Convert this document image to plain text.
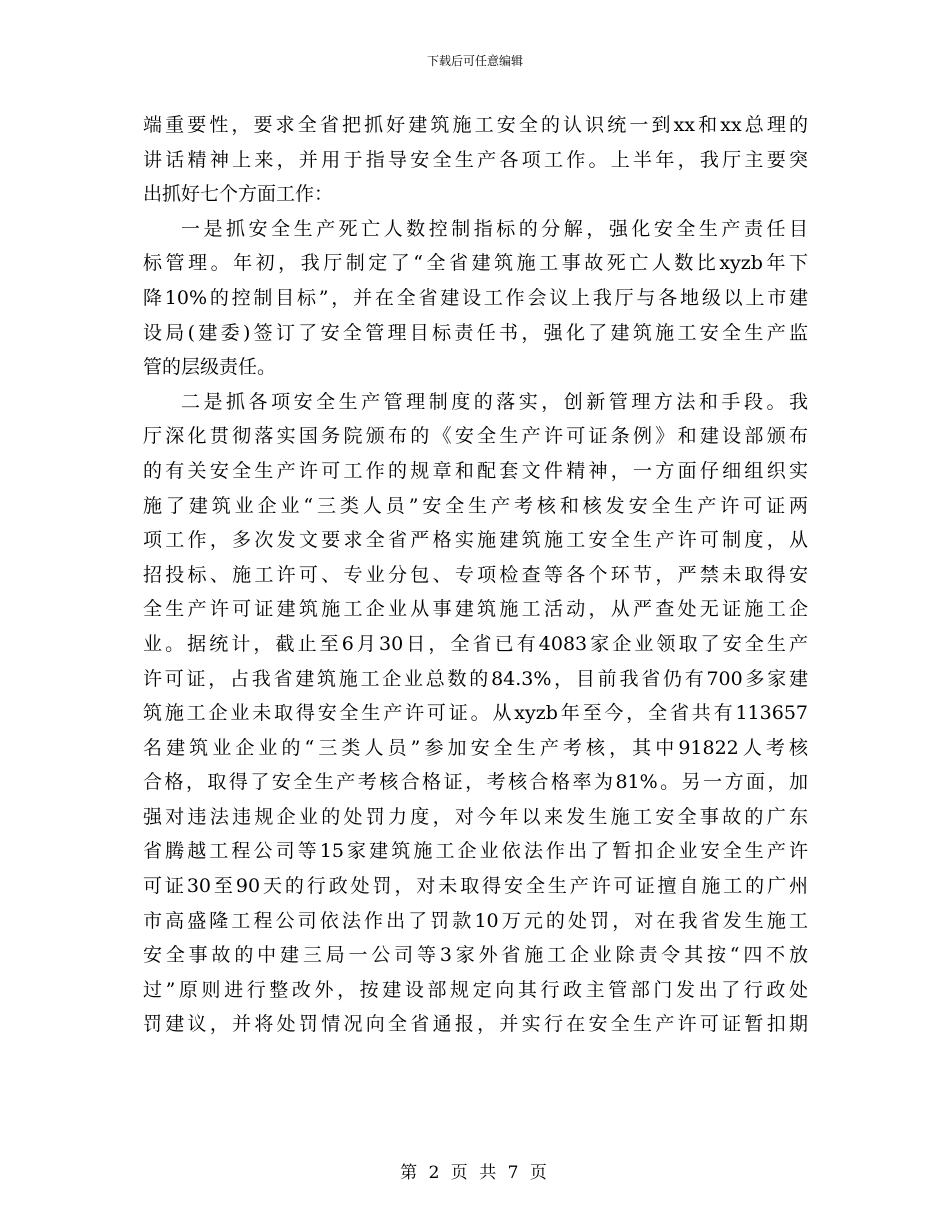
下载后可任意编辑
端重要性，要求全省把抓好建筑施工安全的认识统一到xx和xx总理的
讲话精神上来，并用于指导安全生产各项工作。上半年，我厅主要突
出抓好七个方面工作：
一是抓安全生产死亡人数控制指标的分解，强化安全生产责任目
标管理。年初，我厅制定了“全省建筑施工事故死亡人数比xyzb年下
降10%的控制目标”，并在全省建设工作会议上我厅与各地级以上市建
设局(建委)签订了安全管理目标责任书，强化了建筑施工安全生产监
管的层级责任。
二是抓各项安全生产管理制度的落实，创新管理方法和手段。我
厅深化贯彻落实国务院颁布的《安全生产许可证条例》和建设部颁布
的有关安全生产许可工作的规章和配套文件精神，一方面仔细组织实
施了建筑业企业“三类人员”安全生产考核和核发安全生产许可证两
项工作，多次发文要求全省严格实施建筑施工安全生产许可制度，从
招投标、施工许可、专业分包、专项检查等各个环节，严禁未取得安
全生产许可证建筑施工企业从事建筑施工活动，从严查处无证施工企
业。据统计，截止至6月30日，全省已有4083家企业领取了安全生产
许可证，占我省建筑施工企业总数的84.3%，目前我省仍有700多家建
筑施工企业未取得安全生产许可证。从xyzb年至今，全省共有113657
名建筑业企业的“三类人员”参加安全生产考核，其中91822人考核
合格，取得了安全生产考核合格证，考核合格率为81%。另一方面，加
强对违法违规企业的处罚力度，对今年以来发生施工安全事故的广东
省腾越工程公司等15家建筑施工企业依法作出了暂扣企业安全生产许
可证30至90天的行政处罚，对未取得安全生产许可证擅自施工的广州
市高盛隆工程公司依法作出了罚款10万元的处罚，对在我省发生施工
安全事故的中建三局一公司等3家外省施工企业除责令其按“四不放
过”原则进行整改外，按建设部规定向其行政主管部门发出了行政处
罚建议，并将处罚情况向全省通报，并实行在安全生产许可证暂扣期
第 2 页 共 7 页
